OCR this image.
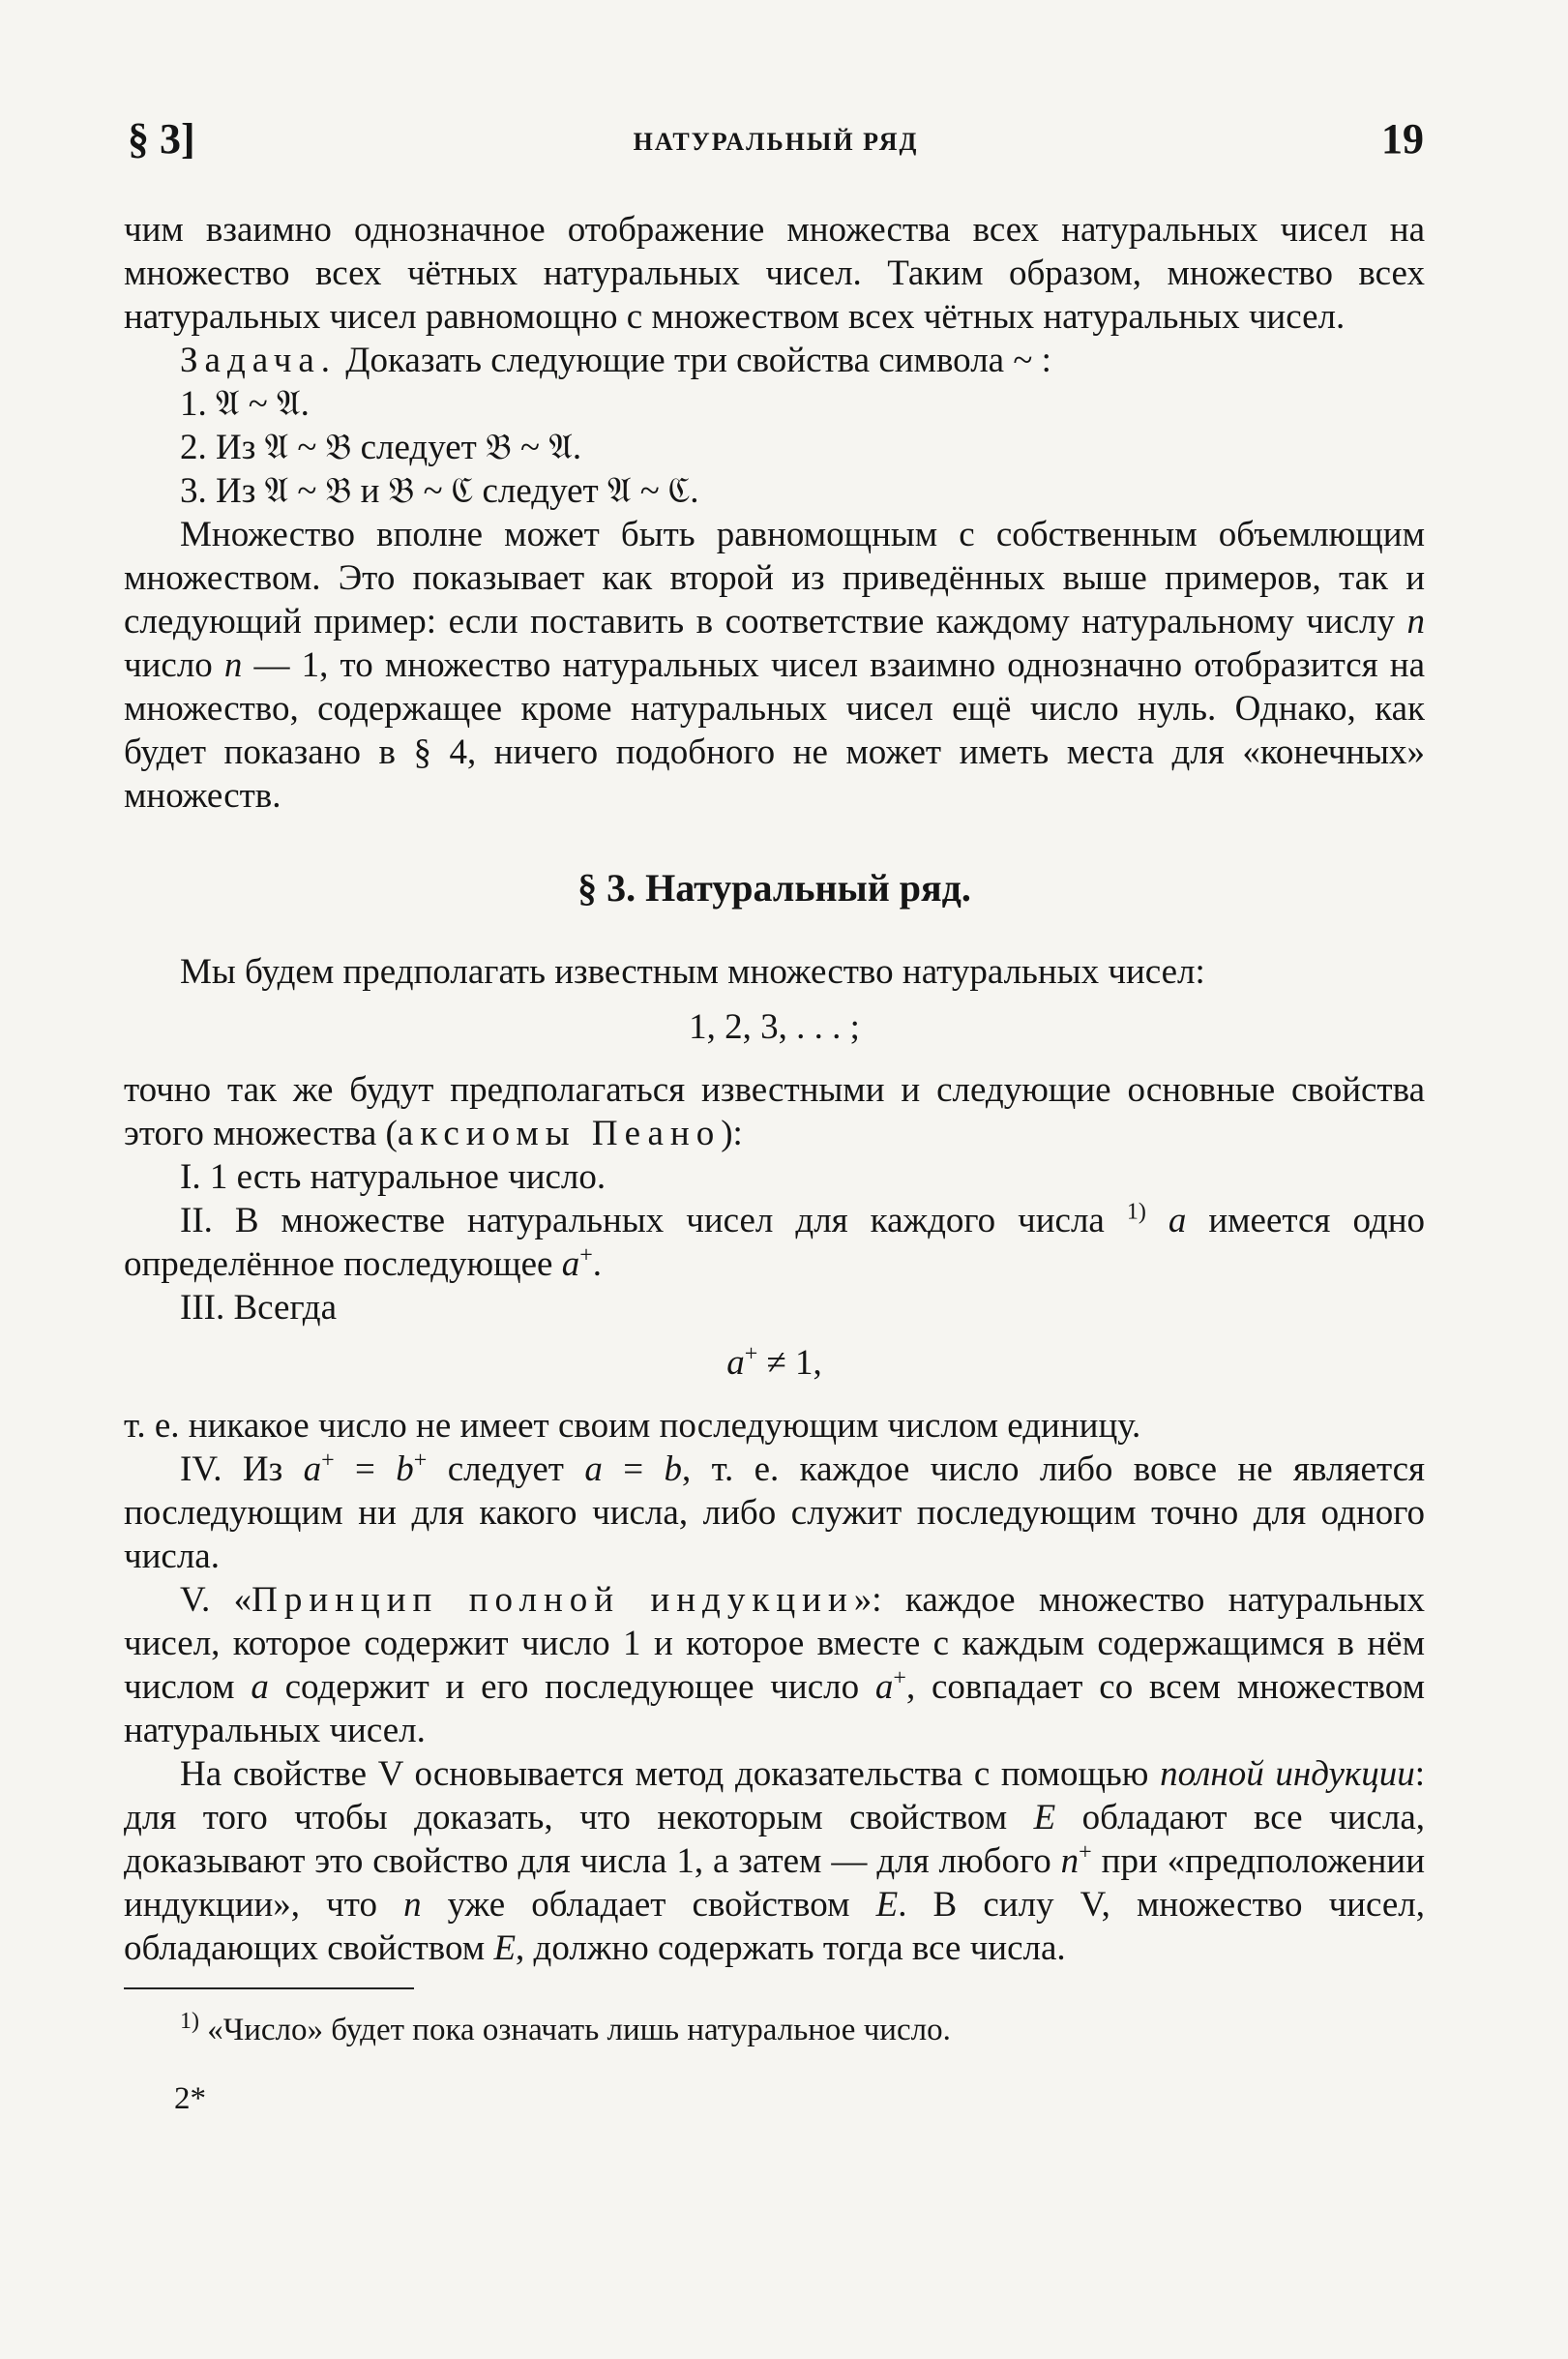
§ 3]	НАТУРАЛЬНЫЙ РЯД	19

чим взаимно однозначное отображение множества всех натуральных чисел на множество всех чётных натуральных чисел. Таким образом, множество всех натуральных чисел равномощно с множеством всех чётных натуральных чисел.

Задача. Доказать следующие три свойства символа ~ :

1. 𝔄 ~ 𝔄.

2. Из 𝔄 ~ 𝔅 следует 𝔅 ~ 𝔄.

3. Из 𝔄 ~ 𝔅 и 𝔅 ~ ℭ следует 𝔄 ~ ℭ.

Множество вполне может быть равномощным с собственным объемлющим множеством. Это показывает как второй из приведённых выше примеров, так и следующий пример: если поставить в соответствие каждому натуральному числу n число n — 1, то множество натуральных чисел взаимно однозначно отобразится на множество, содержащее кроме натуральных чисел ещё число нуль. Однако, как будет показано в § 4, ничего подобного не может иметь места для «конечных» множеств.

§ 3. Натуральный ряд.

Мы будем предполагать известным множество натуральных чисел:

1, 2, 3, . . . ;

точно так же будут предполагаться известными и следующие основные свойства этого множества (аксиомы Пеано):

I. 1 есть натуральное число.

II. В множестве натуральных чисел для каждого числа $^{1)}$ a имеется одно определённое последующее a+.

III. Всегда

a+ ≠ 1,

т. е. никакое число не имеет своим последующим числом единицу.

IV. Из a+ = b+ следует a = b, т. е. каждое число либо вовсе не является последующим ни для какого числа, либо служит последующим точно для одного числа.

V. «Принцип полной индукции»: каждое множество натуральных чисел, которое содержит число 1 и которое вместе с каждым содержащимся в нём числом a содержит и его последующее число a+, совпадает со всем множеством натуральных чисел.

На свойстве V основывается метод доказательства с помощью полной индукции: для того чтобы доказать, что некоторым свойством E обладают все числа, доказывают это свойство для числа 1, а затем — для любого n+ при «предположении индукции», что n уже обладает свойством E. В силу V, множество чисел, обладающих свойством E, должно содержать тогда все числа.

$^{1)}$ «Число» будет пока означать лишь натуральное число.

2*
